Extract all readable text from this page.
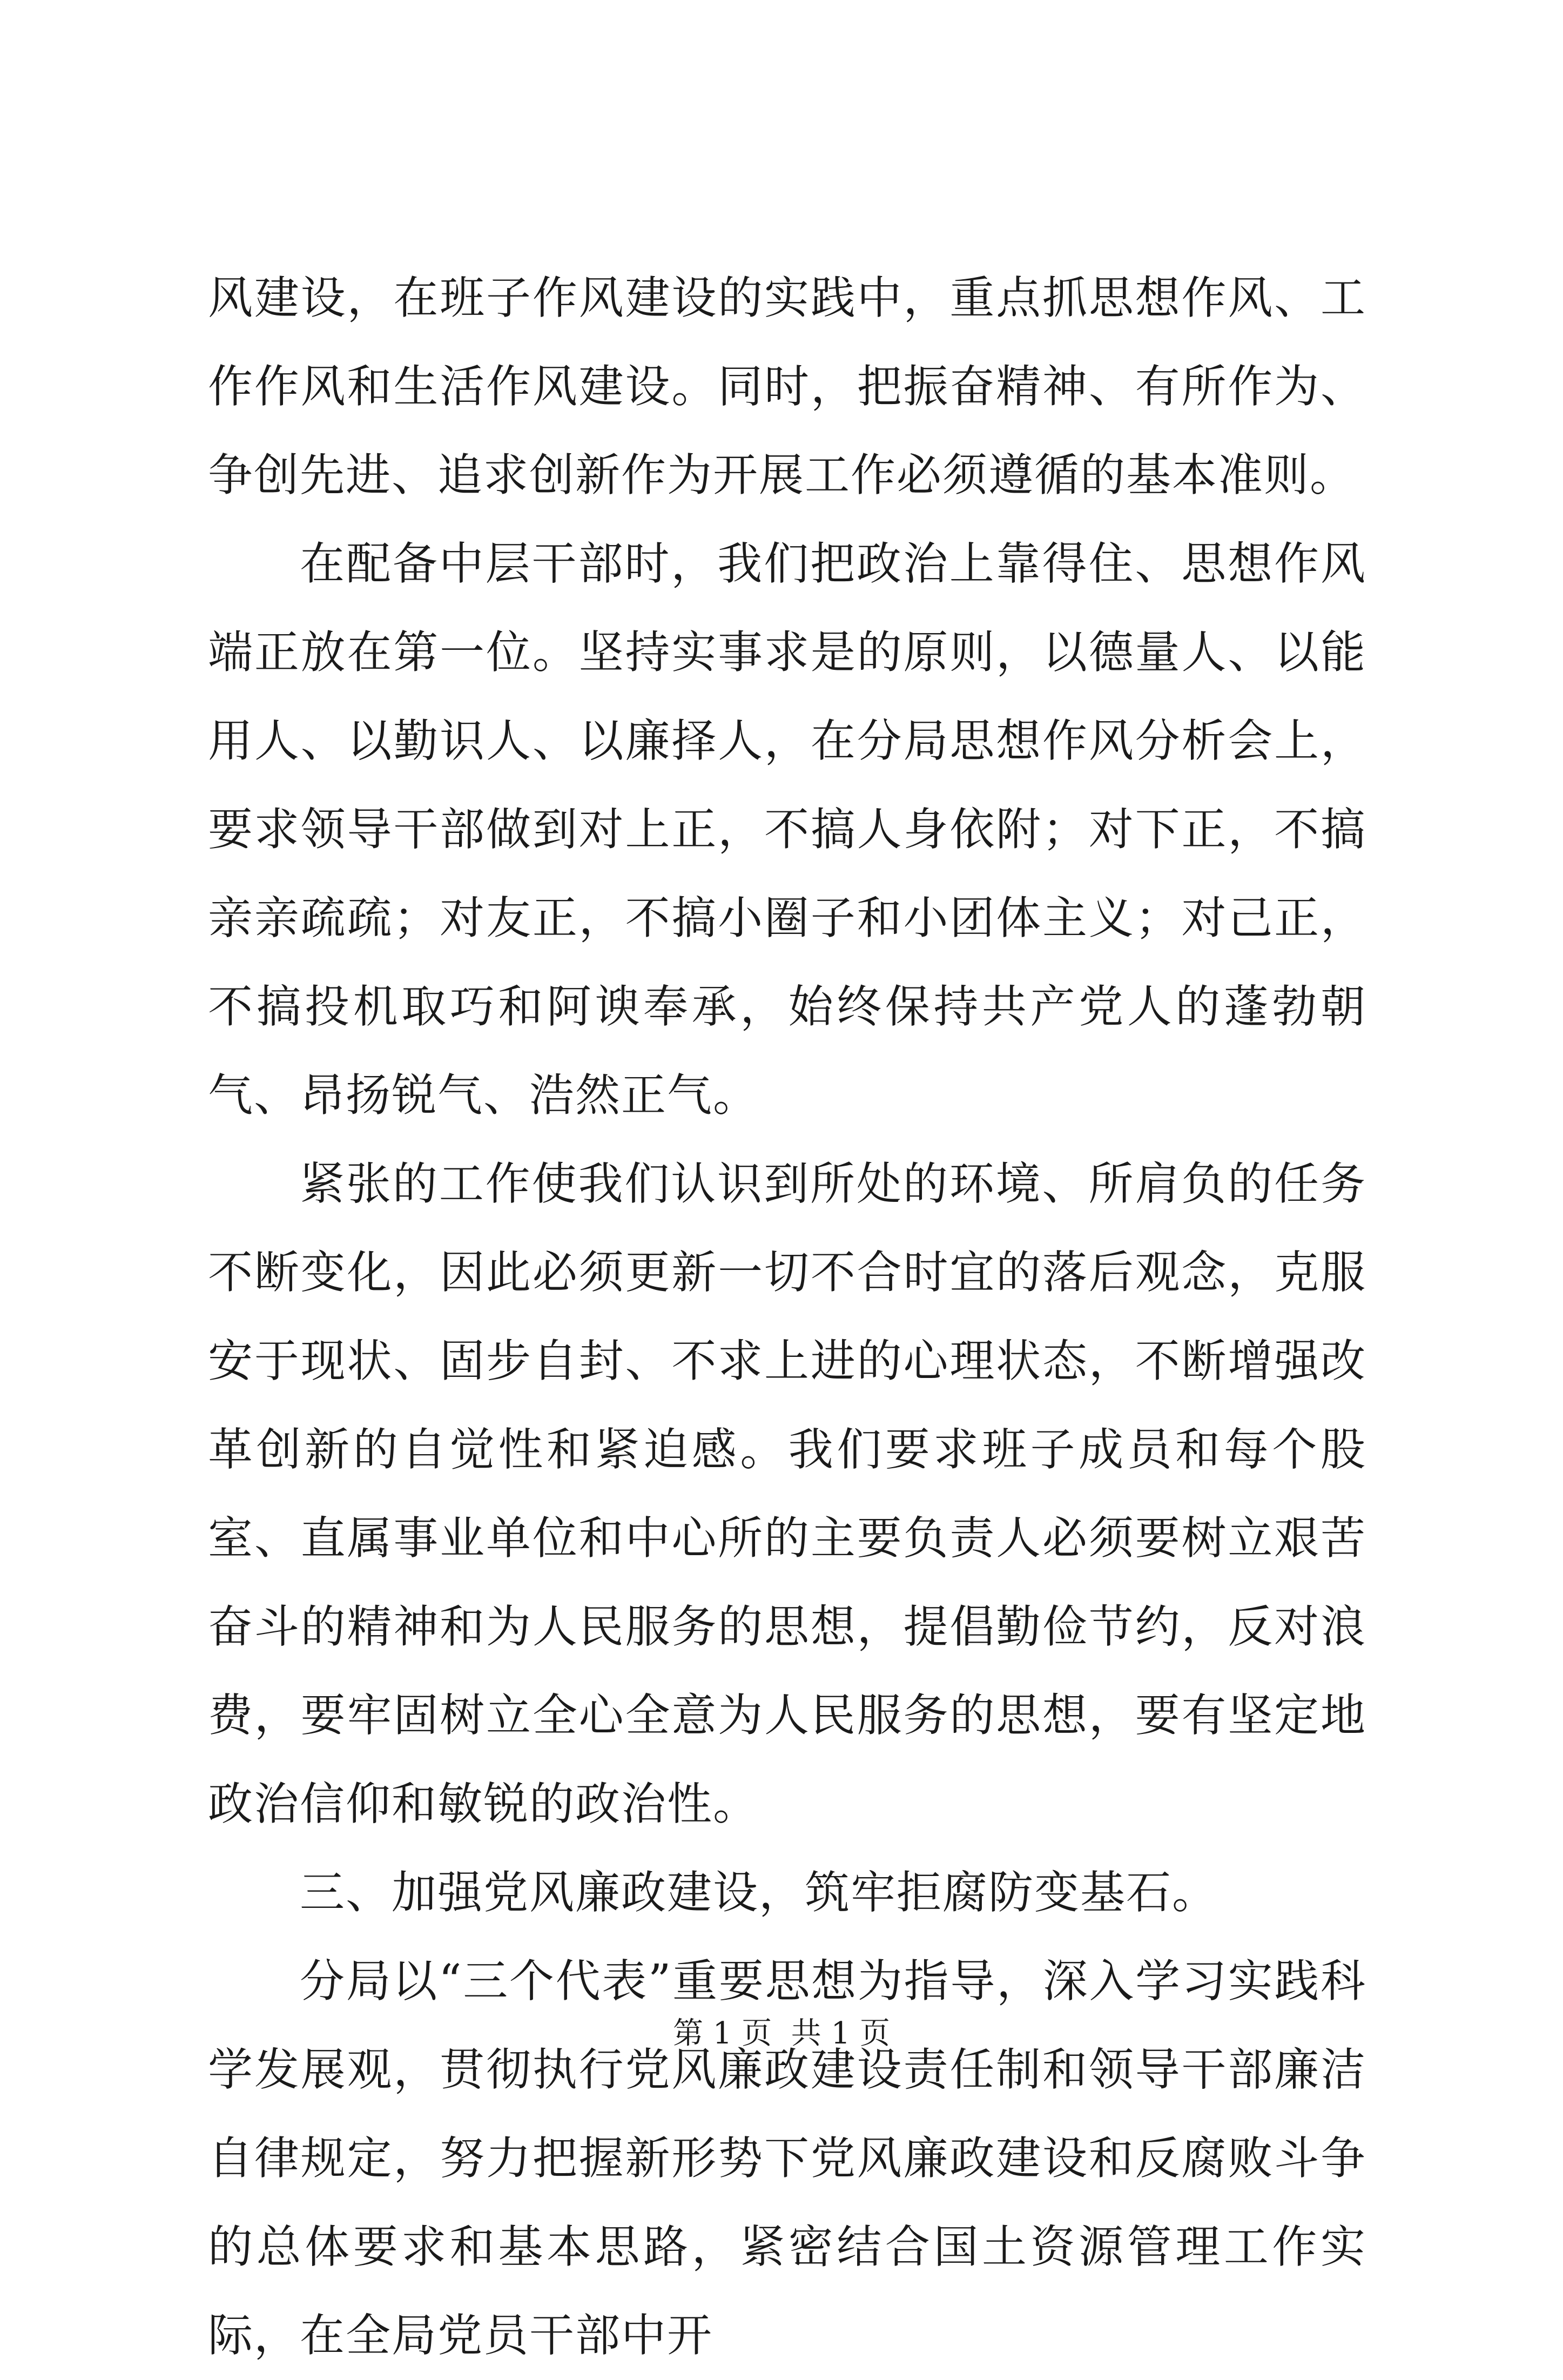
风建设，在班子作风建设的实践中，重点抓思想作风、工作作风和生活作风建设。同时，把振奋精神、有所作为、争创先进、追求创新作为开展工作必须遵循的基本准则。

在配备中层干部时，我们把政治上靠得住、思想作风端正放在第一位。坚持实事求是的原则，以德量人、以能用人、以勤识人、以廉择人，在分局思想作风分析会上，要求领导干部做到对上正，不搞人身依附；对下正，不搞亲亲疏疏；对友正，不搞小圈子和小团体主义；对己正，不搞投机取巧和阿谀奉承，始终保持共产党人的蓬勃朝气、昂扬锐气、浩然正气。

紧张的工作使我们认识到所处的环境、所肩负的任务不断变化，因此必须更新一切不合时宜的落后观念，克服安于现状、固步自封、不求上进的心理状态，不断增强改革创新的自觉性和紧迫感。我们要求班子成员和每个股室、直属事业单位和中心所的主要负责人必须要树立艰苦奋斗的精神和为人民服务的思想，提倡勤俭节约，反对浪费，要牢固树立全心全意为人民服务的思想，要有坚定地政治信仰和敏锐的政治性。

三、加强党风廉政建设，筑牢拒腐防变基石。

分局以“三个代表”重要思想为指导，深入学习实践科学发展观，贯彻执行党风廉政建设责任制和领导干部廉洁自律规定，努力把握新形势下党风廉政建设和反腐败斗争的总体要求和基本思路，紧密结合国土资源管理工作实际，在全局党员干部中开

第 1 页  共 1 页
